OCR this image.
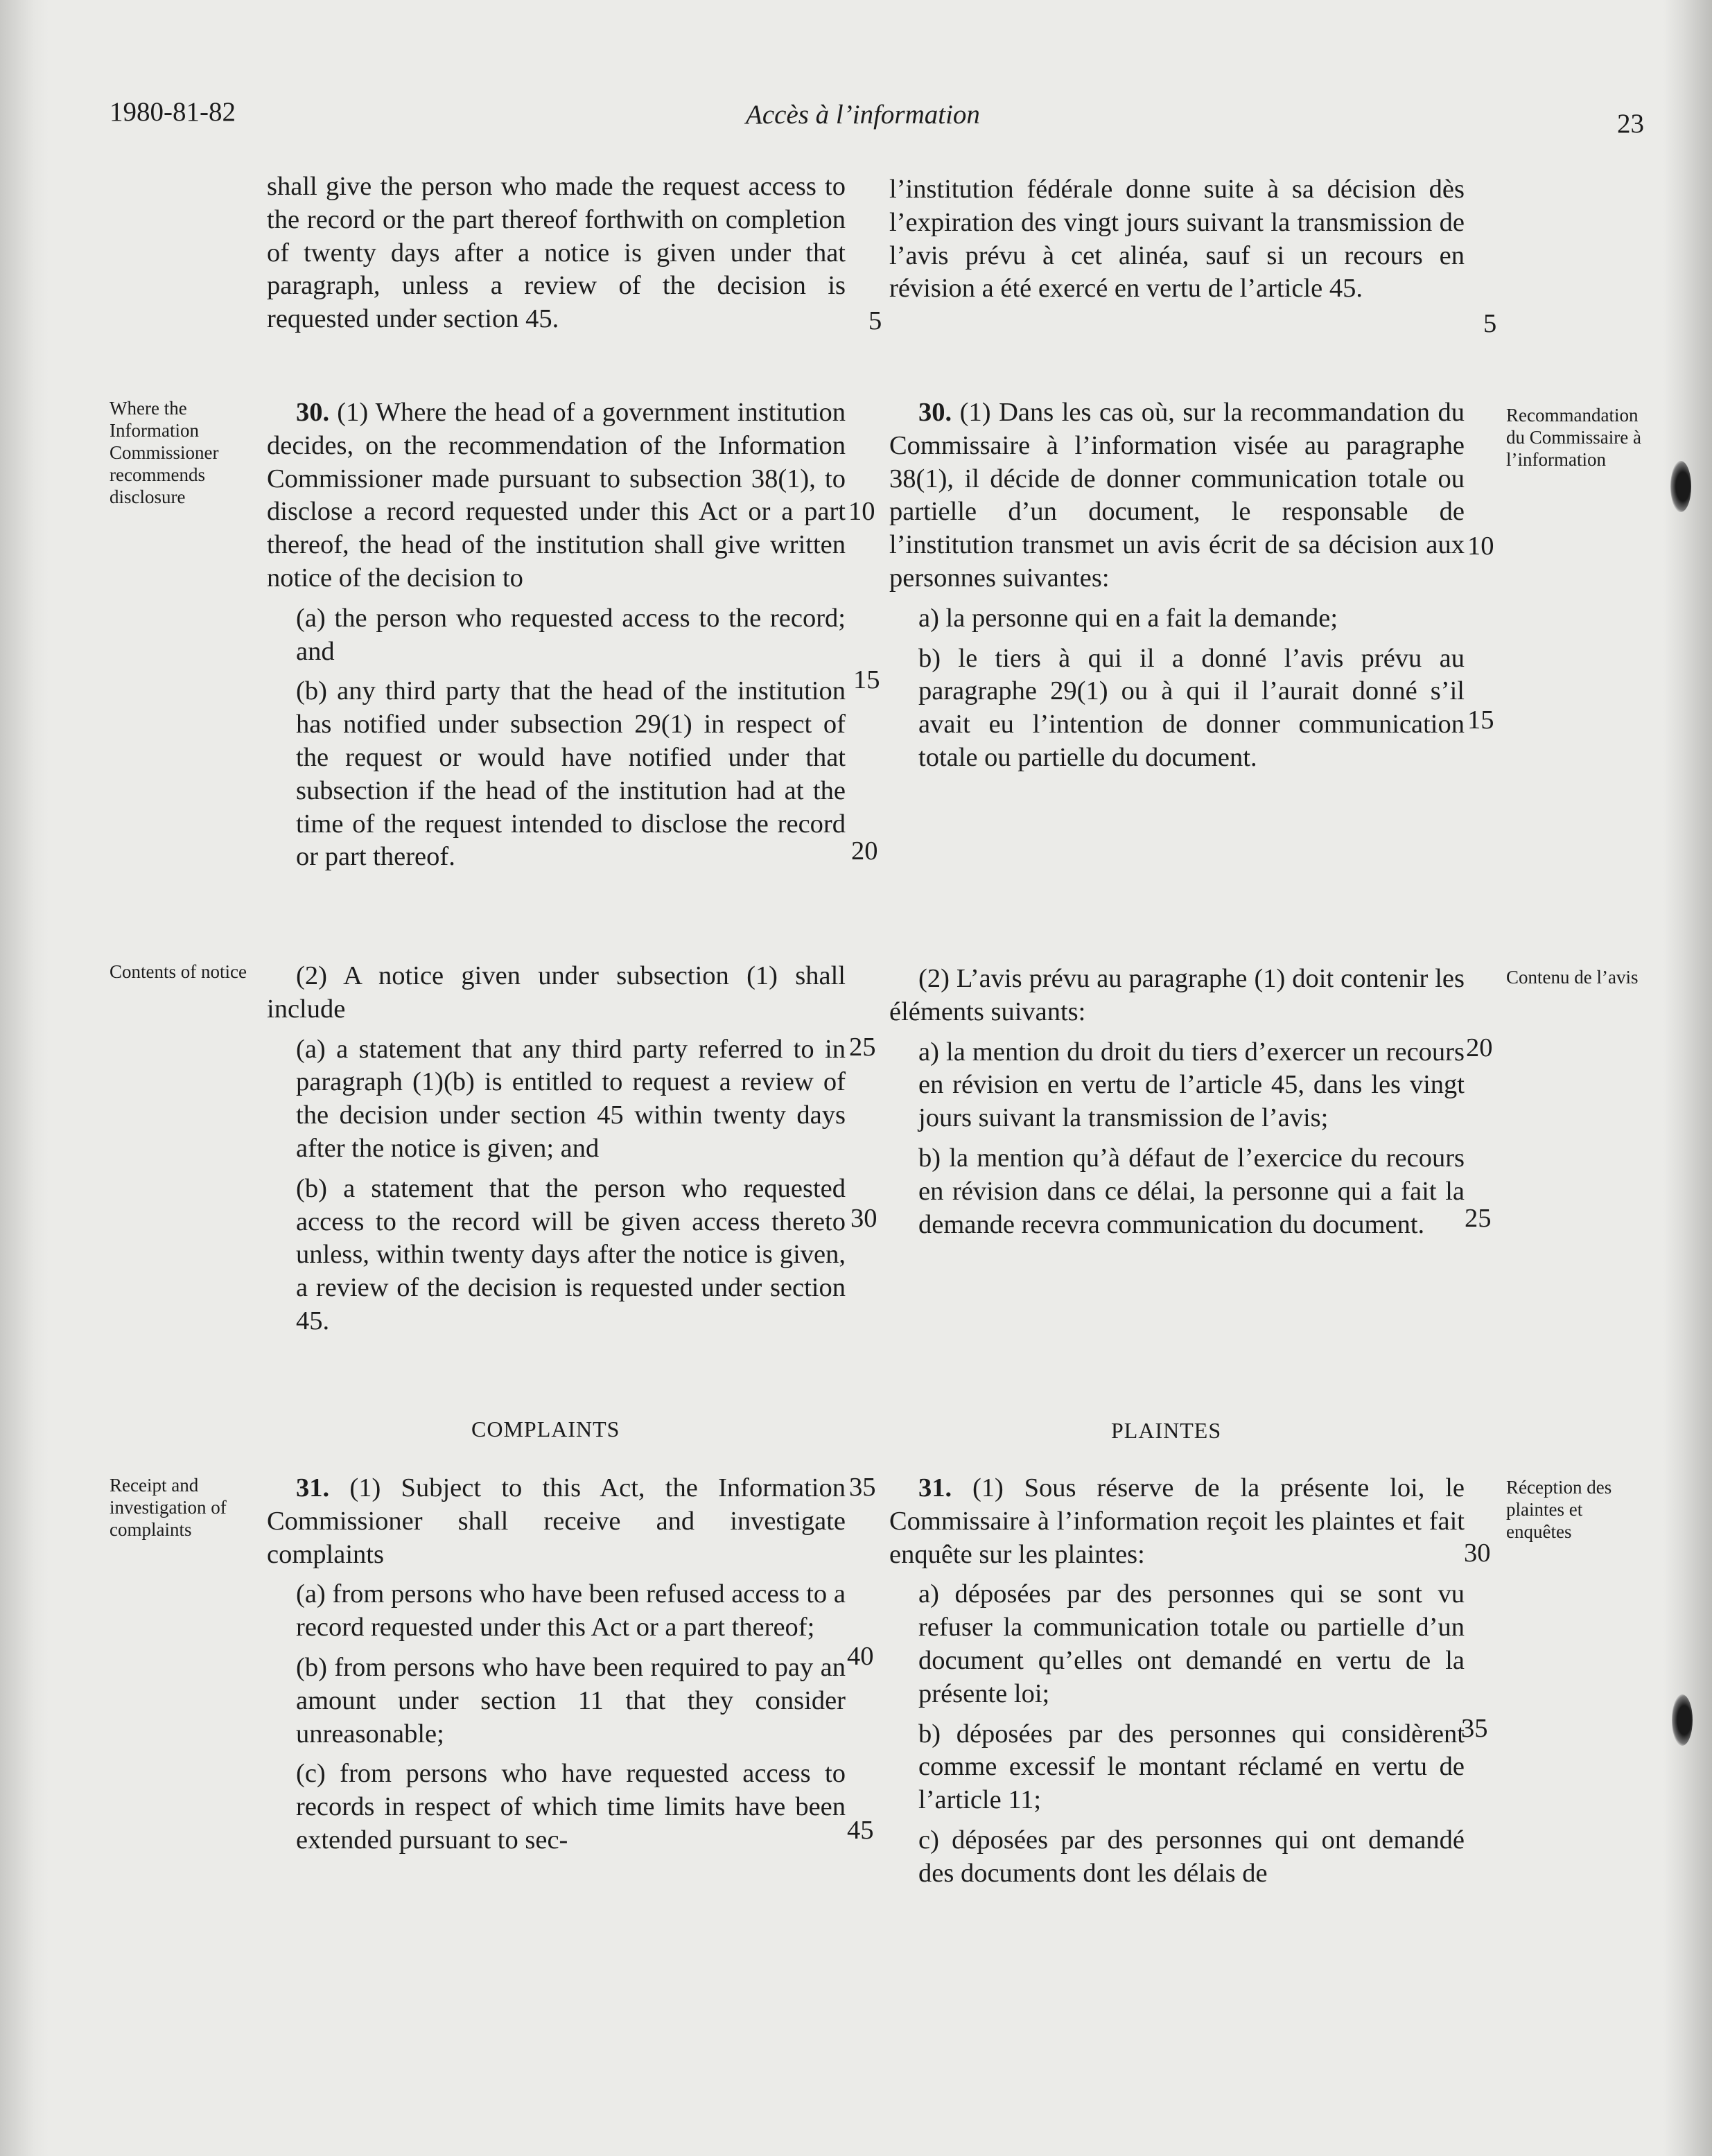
1980-81-82	Accès à l’information	23

shall give the person who made the request access to the record or the part thereof forthwith on completion of twenty days after a notice is given under that paragraph, unless a review of the decision is requested under section 45.

30. (1) Where the head of a government institution decides, on the recommendation of the Information Commissioner made pursuant to subsection 38(1), to disclose a record requested under this Act or a part thereof, the head of the institution shall give written notice of the decision to

(a) the person who requested access to the record; and

(b) any third party that the head of the institution has notified under subsection 29(1) in respect of the request or would have notified under that subsection if the head of the institution had at the time of the request intended to disclose the record or part thereof.

(2) A notice given under subsection (1) shall include

(a) a statement that any third party referred to in paragraph (1)(b) is entitled to request a review of the decision under section 45 within twenty days after the notice is given; and

(b) a statement that the person who requested access to the record will be given access thereto unless, within twenty days after the notice is given, a review of the decision is requested under section 45.

COMPLAINTS

31. (1) Subject to this Act, the Information Commissioner shall receive and investigate complaints

(a) from persons who have been refused access to a record requested under this Act or a part thereof;

(b) from persons who have been required to pay an amount under section 11 that they consider unreasonable;

(c) from persons who have requested access to records in respect of which time limits have been extended pursuant to sec-

l’institution fédérale donne suite à sa décision dès l’expiration des vingt jours suivant la transmission de l’avis prévu à cet alinéa, sauf si un recours en révision a été exercé en vertu de l’article 45.

30. (1) Dans les cas où, sur la recommandation du Commissaire à l’information visée au paragraphe 38(1), il décide de donner communication totale ou partielle d’un document, le responsable de l’institution transmet un avis écrit de sa décision aux personnes suivantes:

a) la personne qui en a fait la demande;

b) le tiers à qui il a donné l’avis prévu au paragraphe 29(1) ou à qui il l’aurait donné s’il avait eu l’intention de donner communication totale ou partielle du document.

(2) L’avis prévu au paragraphe (1) doit contenir les éléments suivants:

a) la mention du droit du tiers d’exercer un recours en révision en vertu de l’article 45, dans les vingt jours suivant la transmission de l’avis;

b) la mention qu’à défaut de l’exercice du recours en révision dans ce délai, la personne qui a fait la demande recevra communication du document.

PLAINTES

31. (1) Sous réserve de la présente loi, le Commissaire à l’information reçoit les plaintes et fait enquête sur les plaintes:

a) déposées par des personnes qui se sont vu refuser la communication totale ou partielle d’un document qu’elles ont demandé en vertu de la présente loi;

b) déposées par des personnes qui considèrent comme excessif le montant réclamé en vertu de l’article 11;

c) déposées par des personnes qui ont demandé des documents dont les délais de

Where the Information Commissioner recommends disclosure
Contents of notice
Receipt and investigation of complaints
Recommandation du Commissaire à l’information
Contenu de l’avis
Réception des plaintes et enquêtes
5
10
15
20
25
30
35
40
45
5
10
15
20
25
30
35
